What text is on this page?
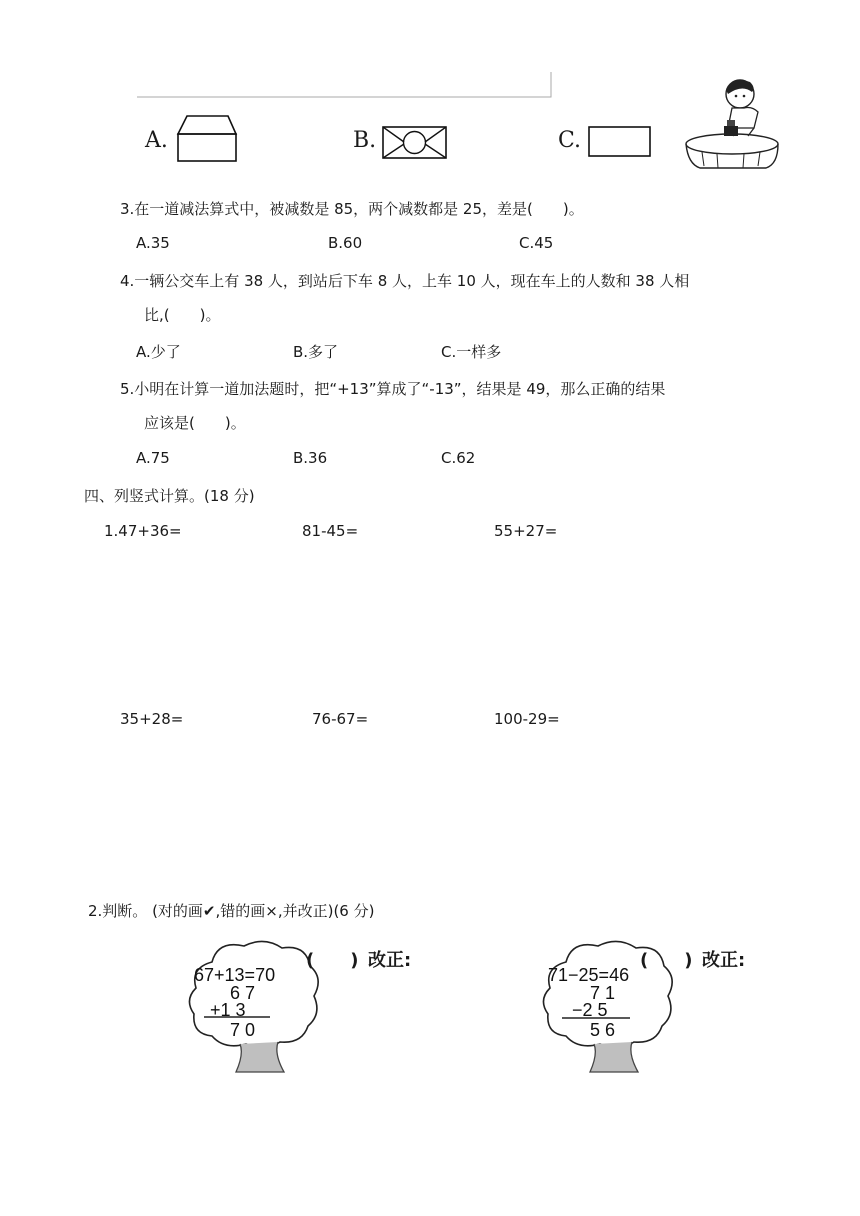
A.	B.	C.
3.在一道减法算式中，被减数是 85，两个减数都是 25，差是(　　)。
A.35	B.60	C.45
4.一辆公交车上有 38 人，到站后下车 8 人，上车 10 人，现在车上的人数和 38 人相
比,(　　)。
A.少了	B.多了	C.一样多
5.小明在计算一道加法题时，把“+13”算成了“-13”，结果是 49，那么正确的结果
应该是(　　)。
A.75	B.36	C.62
四、列竖式计算。(18 分)
1.47+36=	81-45=	55+27=
35+28=	76-67=	100-29=
2.判断。 (对的画✔,错的画×,并改正)(6 分)
67+13=70
6 7
+1 3
7 0
(　　) 改正:
71−25=46
7 1
−2 5
5 6
(　　) 改正:
